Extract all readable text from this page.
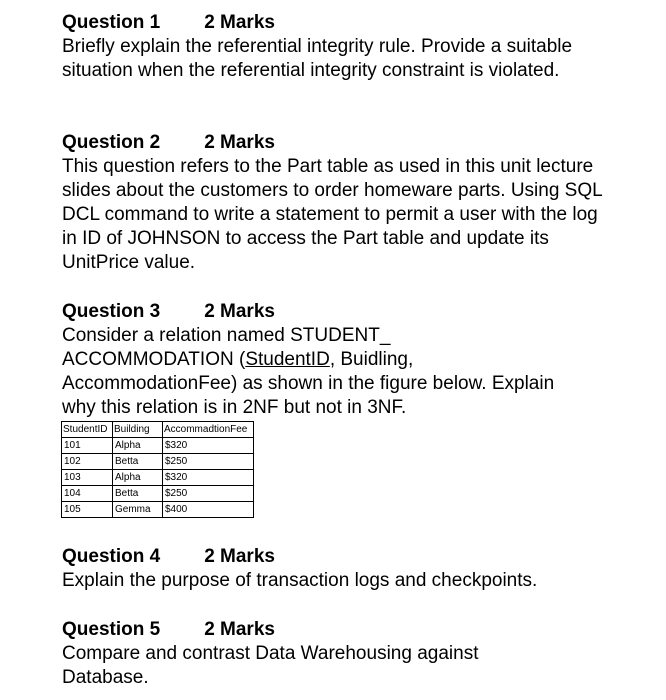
Question 1 2 Marks
Briefly explain the referential integrity rule. Provide a suitable situation when the referential integrity constraint is violated.
Question 2 2 Marks
This question refers to the Part table as used in this unit lecture slides about the customers to order homeware parts. Using SQL DCL command to write a statement to permit a user with the log in ID of JOHNSON to access the Part table and update its UnitPrice value.
Question 3 2 Marks
Consider a relation named STUDENT_
ACCOMMODATION (StudentID, Buidling,
AccommodationFee) as shown in the figure below. Explain
why this relation is in 2NF but not in 3NF.
StudentID	Building	AccommadtionFee
101	Alpha	$320
102	Betta	$250
103	Alpha	$320
104	Betta	$250
105	Gemma	$400
Question 4 2 Marks
Explain the purpose of transaction logs and checkpoints.
Question 5 2 Marks
Compare and contrast Data Warehousing against Database.
